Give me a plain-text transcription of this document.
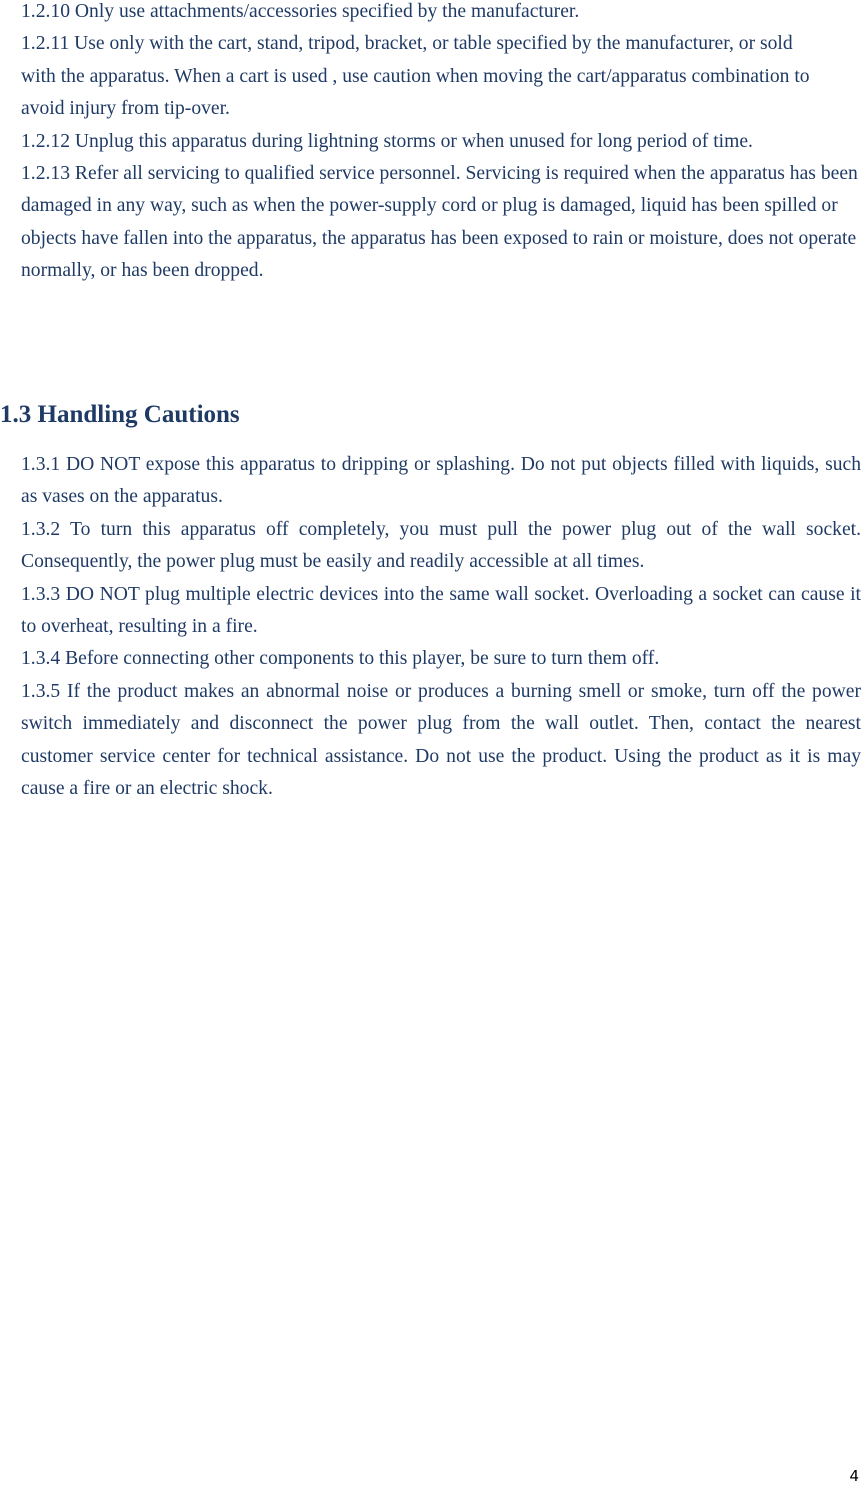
1.2.10 Only use attachments/accessories specified by the manufacturer.

1.2.11 Use only with the cart, stand, tripod, bracket, or table specified by the manufacturer, or sold with the apparatus. When a cart is used , use caution when moving the cart/apparatus combination to avoid injury from tip-over.

1.2.12 Unplug this apparatus during lightning storms or when unused for long period of time.

1.2.13 Refer all servicing to qualified service personnel. Servicing is required when the apparatus has been damaged in any way, such as when the power-supply cord or plug is damaged, liquid has been spilled or objects have fallen into the apparatus, the apparatus has been exposed to rain or moisture, does not operate normally, or has been dropped.

1.3 Handling Cautions

1.3.1 DO NOT expose this apparatus to dripping or splashing. Do not put objects filled with liquids, such as vases on the apparatus.

1.3.2 To turn this apparatus off completely, you must pull the power plug out of the wall socket. Consequently, the power plug must be easily and readily accessible at all times.

1.3.3 DO NOT plug multiple electric devices into the same wall socket. Overloading a socket can cause it to overheat, resulting in a fire.

1.3.4 Before connecting other components to this player, be sure to turn them off.

1.3.5 If the product makes an abnormal noise or produces a burning smell or smoke, turn off the power switch immediately and disconnect the power plug from the wall outlet. Then, contact the nearest customer service center for technical assistance. Do not use the product. Using the product as it is may cause a fire or an electric shock.

4
